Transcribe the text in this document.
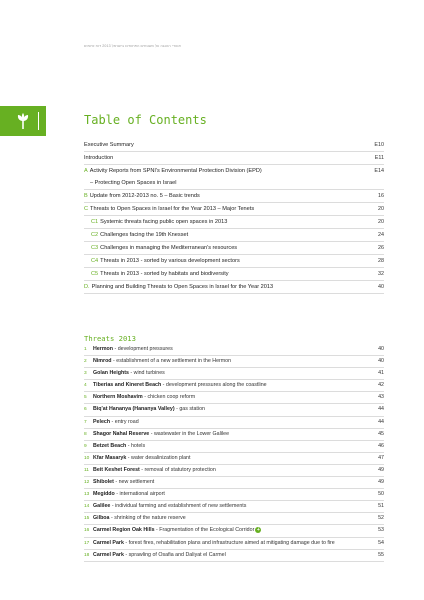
איגודי ההגנה על השטחים הפתוחים בישראל 2013 דוח איומים
Table of Contents
Executive Summary	E10
Introduction	E11
A Activity Reports from SPNI's Environmental Protection Division (EPD)	E14
– Protecting Open Spaces in Israel
B Update from 2012-2013 no. 5 – Basic trends	16
C Threats to Open Spaces in Israel for the Year 2013 – Major Tenets	20
C1 Systemic threats facing public open spaces in 2013	20
C2 Challenges facing the 19th Knesset	24
C3 Challenges in managing the Mediterranean's resources	26
C4 Threats in 2013 - sorted by various development sectors	28
C5 Threats in 2013 - sorted by habitats and biodiversity	32
D. Planning and Building Threats to Open Spaces in Israel for the Year 2013	40
Threats 2013
1 Hermon - development pressures	40
2 Nimrod - establishment of a new settlement in the Hermon	40
3 Golan Heights - wind turbines	41
4 Tiberias and Kineret Beach - development pressures along the coastline	42
5 Northern Moshavim - chicken coop reform	43
6 Biq'at Hananya (Hananya Valley) - gas station	44
7 Pelech - entry road	44
8 Shagor Nahal Reserve - wastewater in the Lower Galilee	45
9 Betzet Beach - hotels	46
10 Kfar Masaryk - water desalinization plant	47
11 Beit Keshet Forest - removal of statutory protection	49
12 Shibolet - new settlement	49
13 Megiddo - international airport	50
14 Galilee - individual farming and establishment of new settlements	51
15 Gilboa - shrinking of the nature reserve	52
16 Carmel Region Oak Hills - Fragmentation of the Ecological Corridor +	53
17 Carmel Park - forest fires, rehabilitation plans and infrastructure aimed at mitigating damage due to fire	54
18 Carmel Park - sprawling of Osafia and Daliyat el Carmel	55
